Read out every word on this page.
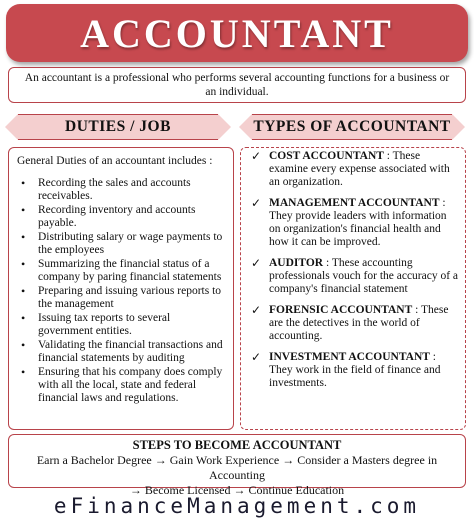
ACCOUNTANT
An accountant is a professional who performs several accounting functions for a business or an individual.
DUTIES / JOB	TYPES OF ACCOUNTANT
General Duties of an accountant includes :
• Recording the sales and accounts receivables.
• Recording inventory and accounts payable.
• Distributing salary or wage payments to the employees
• Summarizing the financial status of a company by paring financial statements
• Preparing and issuing various reports to the management
• Issuing tax reports to several government entities.
• Validating the financial transactions and financial statements by auditing
• Ensuring that his company does comply with all the local, state and federal financial laws and regulations.
✓ COST ACCOUNTANT : These examine every expense associated with an organization.
✓ MANAGEMENT ACCOUNTANT : They provide leaders with information on organization's financial health and how it can be improved.
✓ AUDITOR : These accounting professionals vouch for the accuracy of a company's financial statement
✓ FORENSIC ACCOUNTANT : These are the detectives in the world of accounting.
✓ INVESTMENT ACCOUNTANT : They work in the field of finance and investments.
STEPS TO BECOME ACCOUNTANT
Earn a Bachelor Degree → Gain Work Experience → Consider a Masters degree in Accounting
→ Become Licensed → Continue Education
eFinanceManagement.com
